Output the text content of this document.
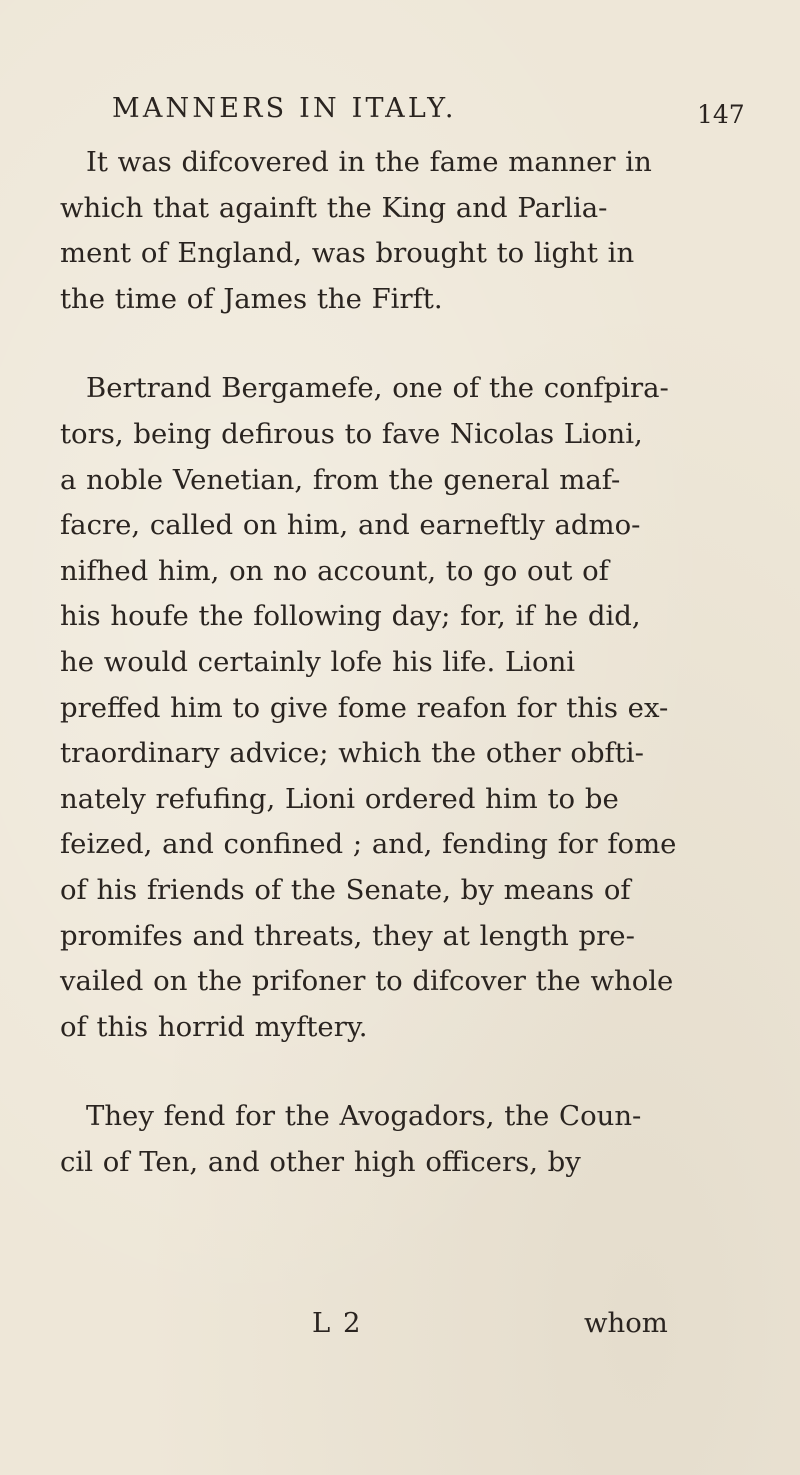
MANNERS IN ITALY.	147

It was difcovered in the fame manner in
which that againft the King and Parlia-
ment of England, was brought to light in
the time of James the Firft.

Bertrand Bergamefe, one of the confpira-
tors, being defirous to fave Nicolas Lioni,
a noble Venetian, from the general maf-
facre, called on him, and earneftly admo-
nifhed him, on no account, to go out of
his houfe the following day; for, if he did,
he would certainly lofe his life. Lioni
preffed him to give fome reafon for this ex-
traordinary advice; which the other obfti-
nately refufing, Lioni ordered him to be
feized, and confined ; and, fending for fome
of his friends of the Senate, by means of
promifes and threats, they at length pre-
vailed on the prifoner to difcover the whole
of this horrid myftery.

They fend for the Avogadors, the Coun-
cil of Ten, and other high officers, by

L 2	whom
